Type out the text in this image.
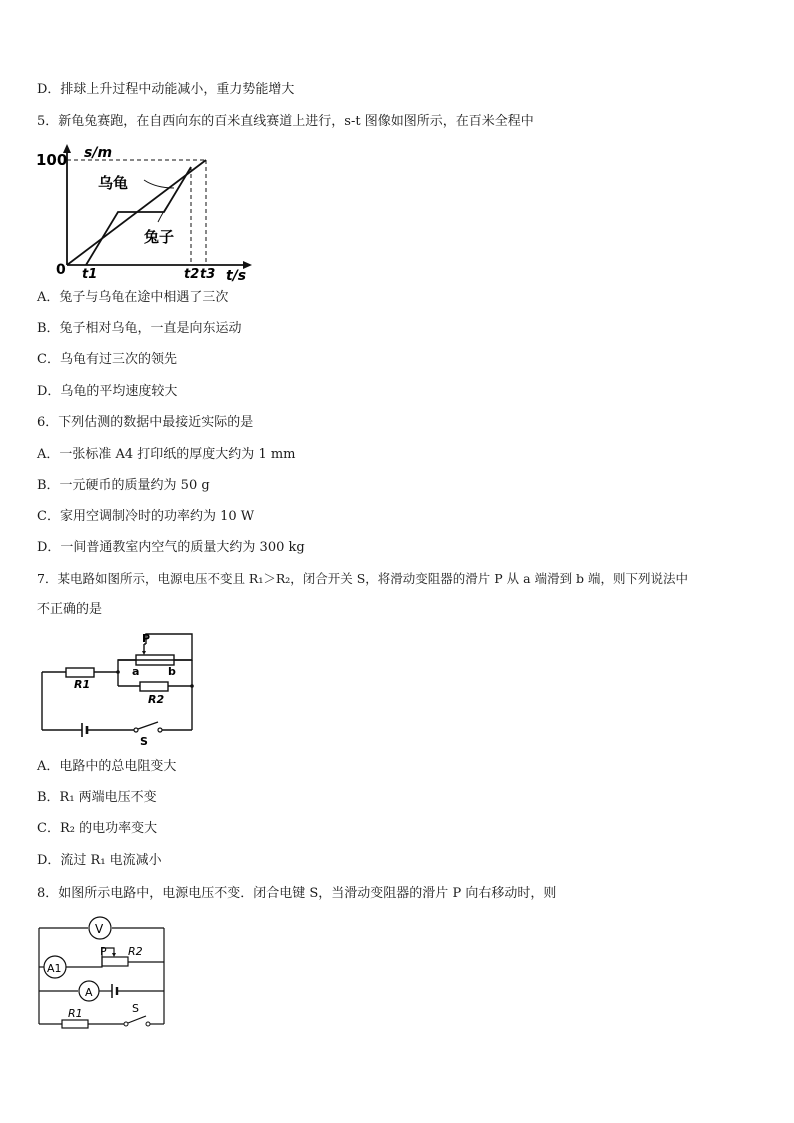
D．排球上升过程中动能减小，重力势能增大
5．新龟兔赛跑，在自西向东的百米直线赛道上进行，s-t 图像如图所示，在百米全程中
A．兔子与乌龟在途中相遇了三次
B．兔子相对乌龟，一直是向东运动
C．乌龟有过三次的领先
D．乌龟的平均速度较大
6．下列估测的数据中最接近实际的是
A．一张标准 A4 打印纸的厚度大约为 1 mm
B．一元硬币的质量约为 50 g
C．家用空调制冷时的功率约为 10 W
D．一间普通教室内空气的质量大约为 300 kg
7．某电路如图所示，电源电压不变且 R₁＞R₂，闭合开关 S，将滑动变阻器的滑片 P 从 a 端滑到 b 端，则下列说法中
不正确的是
A．电路中的总电阻变大
B．R₁ 两端电压不变
C．R₂ 的电功率变大
D．流过 R₁ 电流减小
8．如图所示电路中，电源电压不变．闭合电键 S，当滑动变阻器的滑片 P 向右移动时，则
s/m
100
0 t1	t2 t3 t/s
乌龟
兔子
P
a	b
R1
R2
S
V
A1
P R2
A
R1	S
